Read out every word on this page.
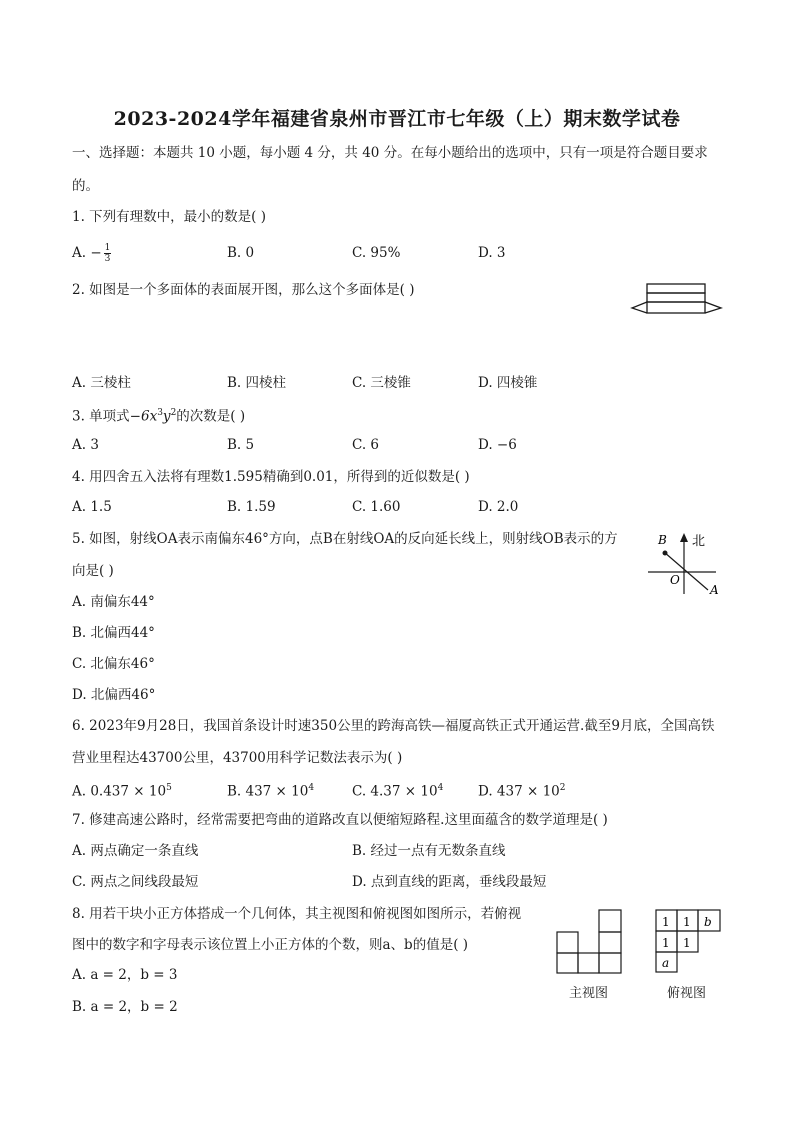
2023-2024学年福建省泉州市晋江市七年级（上）期末数学试卷
一、选择题：本题共 10 小题，每小题 4 分，共 40 分。在每小题给出的选项中，只有一项是符合题目要求
的。
1. 下列有理数中，最小的数是( )
A. − $\frac{1}{3}$	B. 0	C. 95%	D. 3
2. 如图是一个多面体的表面展开图，那么这个多面体是( )
A. 三棱柱	B. 四棱柱	C. 三棱锥	D. 四棱锥
3. 单项式$-6x^3y^2$的次数是( )
A. 3	B. 5	C. 6	D. −6
4. 用四舍五入法将有理数1.595精确到0.01，所得到的近似数是( )
A. 1.5	B. 1.59	C. 1.60	D. 2.0
5. 如图，射线OA表示南偏东46°方向，点B在射线OA的反向延长线上，则射线OB表示的方
向是( )
北
B
O
A
A. 南偏东44°
B. 北偏西44°
C. 北偏东46°
D. 北偏西46°
6. 2023年9月28日，我国首条设计时速350公里的跨海高铁—福厦高铁正式开通运营.截至9月底，全国高铁
营业里程达43700公里，43700用科学记数法表示为( )
A. $0.437 \times 10^5$	B. $437 \times 10^4$	C. $4.37 \times 10^4$	D. $437 \times 10^2$
7. 修建高速公路时，经常需要把弯曲的道路改直以便缩短路程.这里面蕴含的数学道理是( )
A. 两点确定一条直线	B. 经过一点有无数条直线
C. 两点之间线段最短	D. 点到直线的距离，垂线段最短
8. 用若干块小正方体搭成一个几何体，其主视图和俯视图如图所示，若俯视
图中的数字和字母表示该位置上小正方体的个数，则a、b的值是( )
A. a = 2，b = 3
B. a = 2，b = 2
主视图
1 1 b
1 1
a
俯视图
